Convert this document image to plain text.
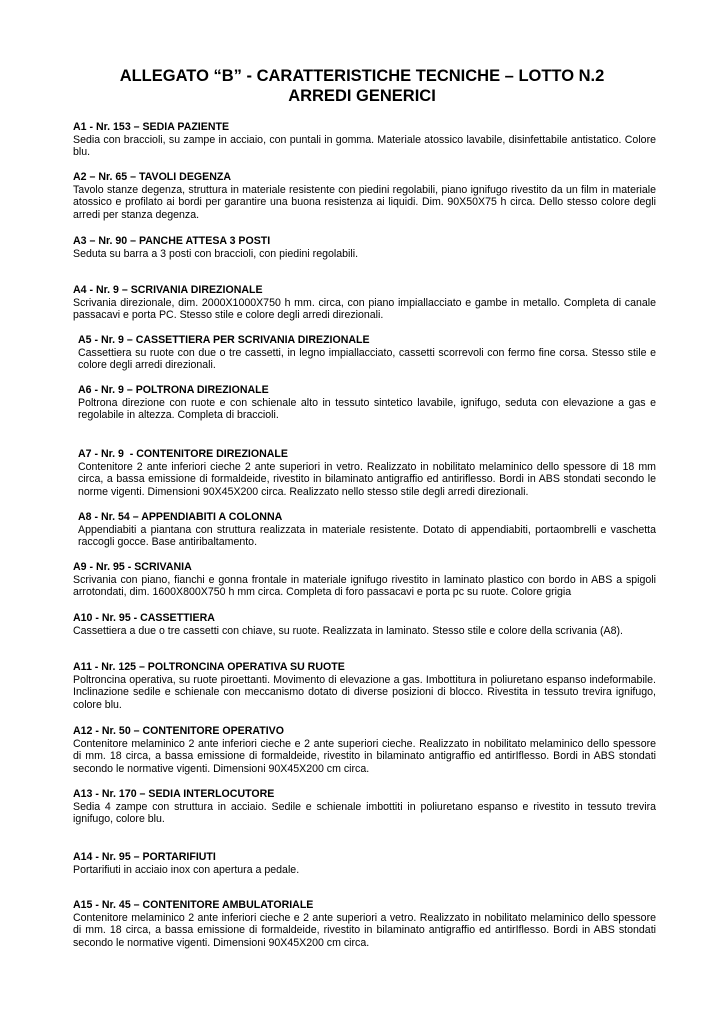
ALLEGATO “B” - CARATTERISTICHE TECNICHE – LOTTO N.2
ARREDI GENERICI
A1 - Nr. 153 – SEDIA PAZIENTE
Sedia con braccioli, su zampe in acciaio, con puntali in gomma. Materiale atossico lavabile, disinfettabile antistatico. Colore blu.
A2 – Nr. 65 – TAVOLI DEGENZA
Tavolo stanze degenza, struttura in materiale resistente con piedini regolabili, piano ignifugo rivestito da un film in materiale atossico e profilato ai bordi per garantire una buona resistenza ai liquidi. Dim. 90X50X75 h circa. Dello stesso colore degli arredi per stanza degenza.
A3 – Nr. 90 – PANCHE ATTESA 3 POSTI
Seduta su barra a 3 posti con braccioli, con piedini regolabili.
A4 - Nr. 9 – SCRIVANIA DIREZIONALE
Scrivania direzionale, dim. 2000X1000X750 h mm. circa, con piano impiallacciato e gambe in metallo. Completa di canale passacavi e porta PC. Stesso stile e colore degli arredi direzionali.
A5 - Nr. 9 – CASSETTIERA PER SCRIVANIA DIREZIONALE
Cassettiera su ruote con due o tre cassetti, in legno impiallacciato, cassetti scorrevoli con fermo fine corsa. Stesso stile e colore degli arredi direzionali.
A6 - Nr. 9 – POLTRONA DIREZIONALE
Poltrona direzione con ruote e con schienale alto in tessuto sintetico lavabile, ignifugo, seduta con elevazione a gas e regolabile in altezza. Completa di braccioli.
A7 - Nr. 9  - CONTENITORE DIREZIONALE
Contenitore 2 ante inferiori cieche 2 ante superiori in vetro. Realizzato in nobilitato melaminico dello spessore di 18 mm circa, a bassa emissione di formaldeide, rivestito in bilaminato antigraffio ed antiriflesso. Bordi in ABS stondati secondo le norme vigenti. Dimensioni 90X45X200 circa. Realizzato nello stesso stile degli arredi direzionali.
A8 - Nr. 54 – APPENDIABITI A COLONNA
Appendiabiti a piantana con struttura realizzata in materiale resistente. Dotato di appendiabiti, portaombrelli e vaschetta raccogli gocce. Base antiribaltamento.
A9 - Nr. 95 - SCRIVANIA
Scrivania con piano, fianchi e gonna frontale in materiale ignifugo rivestito in laminato plastico con bordo in ABS a spigoli arrotondati, dim. 1600X800X750 h mm circa. Completa di foro passacavi e porta pc su ruote. Colore grigia
A10 - Nr. 95 - CASSETTIERA
Cassettiera a due o tre cassetti con chiave, su ruote. Realizzata in laminato. Stesso stile e colore della scrivania (A8).
A11 - Nr. 125 – POLTRONCINA OPERATIVA SU RUOTE
Poltroncina operativa, su ruote piroettanti. Movimento di elevazione a gas. Imbottitura in poliuretano espanso indeformabile. Inclinazione sedile e schienale con meccanismo dotato di diverse posizioni di blocco. Rivestita in tessuto trevira ignifugo, colore blu.
A12 - Nr. 50 – CONTENITORE OPERATIVO
Contenitore melaminico 2 ante inferiori cieche e 2 ante superiori cieche. Realizzato in nobilitato melaminico dello spessore di mm. 18 circa, a bassa emissione di formaldeide, rivestito in bilaminato antigraffio ed antirIflesso. Bordi in ABS stondati secondo le normative vigenti. Dimensioni 90X45X200 cm circa.
A13 - Nr. 170 – SEDIA INTERLOCUTORE
Sedia 4 zampe con struttura in acciaio. Sedile e schienale imbottiti in poliuretano espanso e rivestito in tessuto trevira ignifugo, colore blu.
A14 - Nr. 95 – PORTARIFIUTI
Portarifiuti in acciaio inox con apertura a pedale.
A15 - Nr. 45 – CONTENITORE AMBULATORIALE
Contenitore melaminico 2 ante inferiori cieche e 2 ante superiori a vetro. Realizzato in nobilitato melaminico dello spessore di mm. 18 circa, a bassa emissione di formaldeide, rivestito in bilaminato antigraffio ed antirIflesso. Bordi in ABS stondati secondo le normative vigenti. Dimensioni 90X45X200 cm circa.
